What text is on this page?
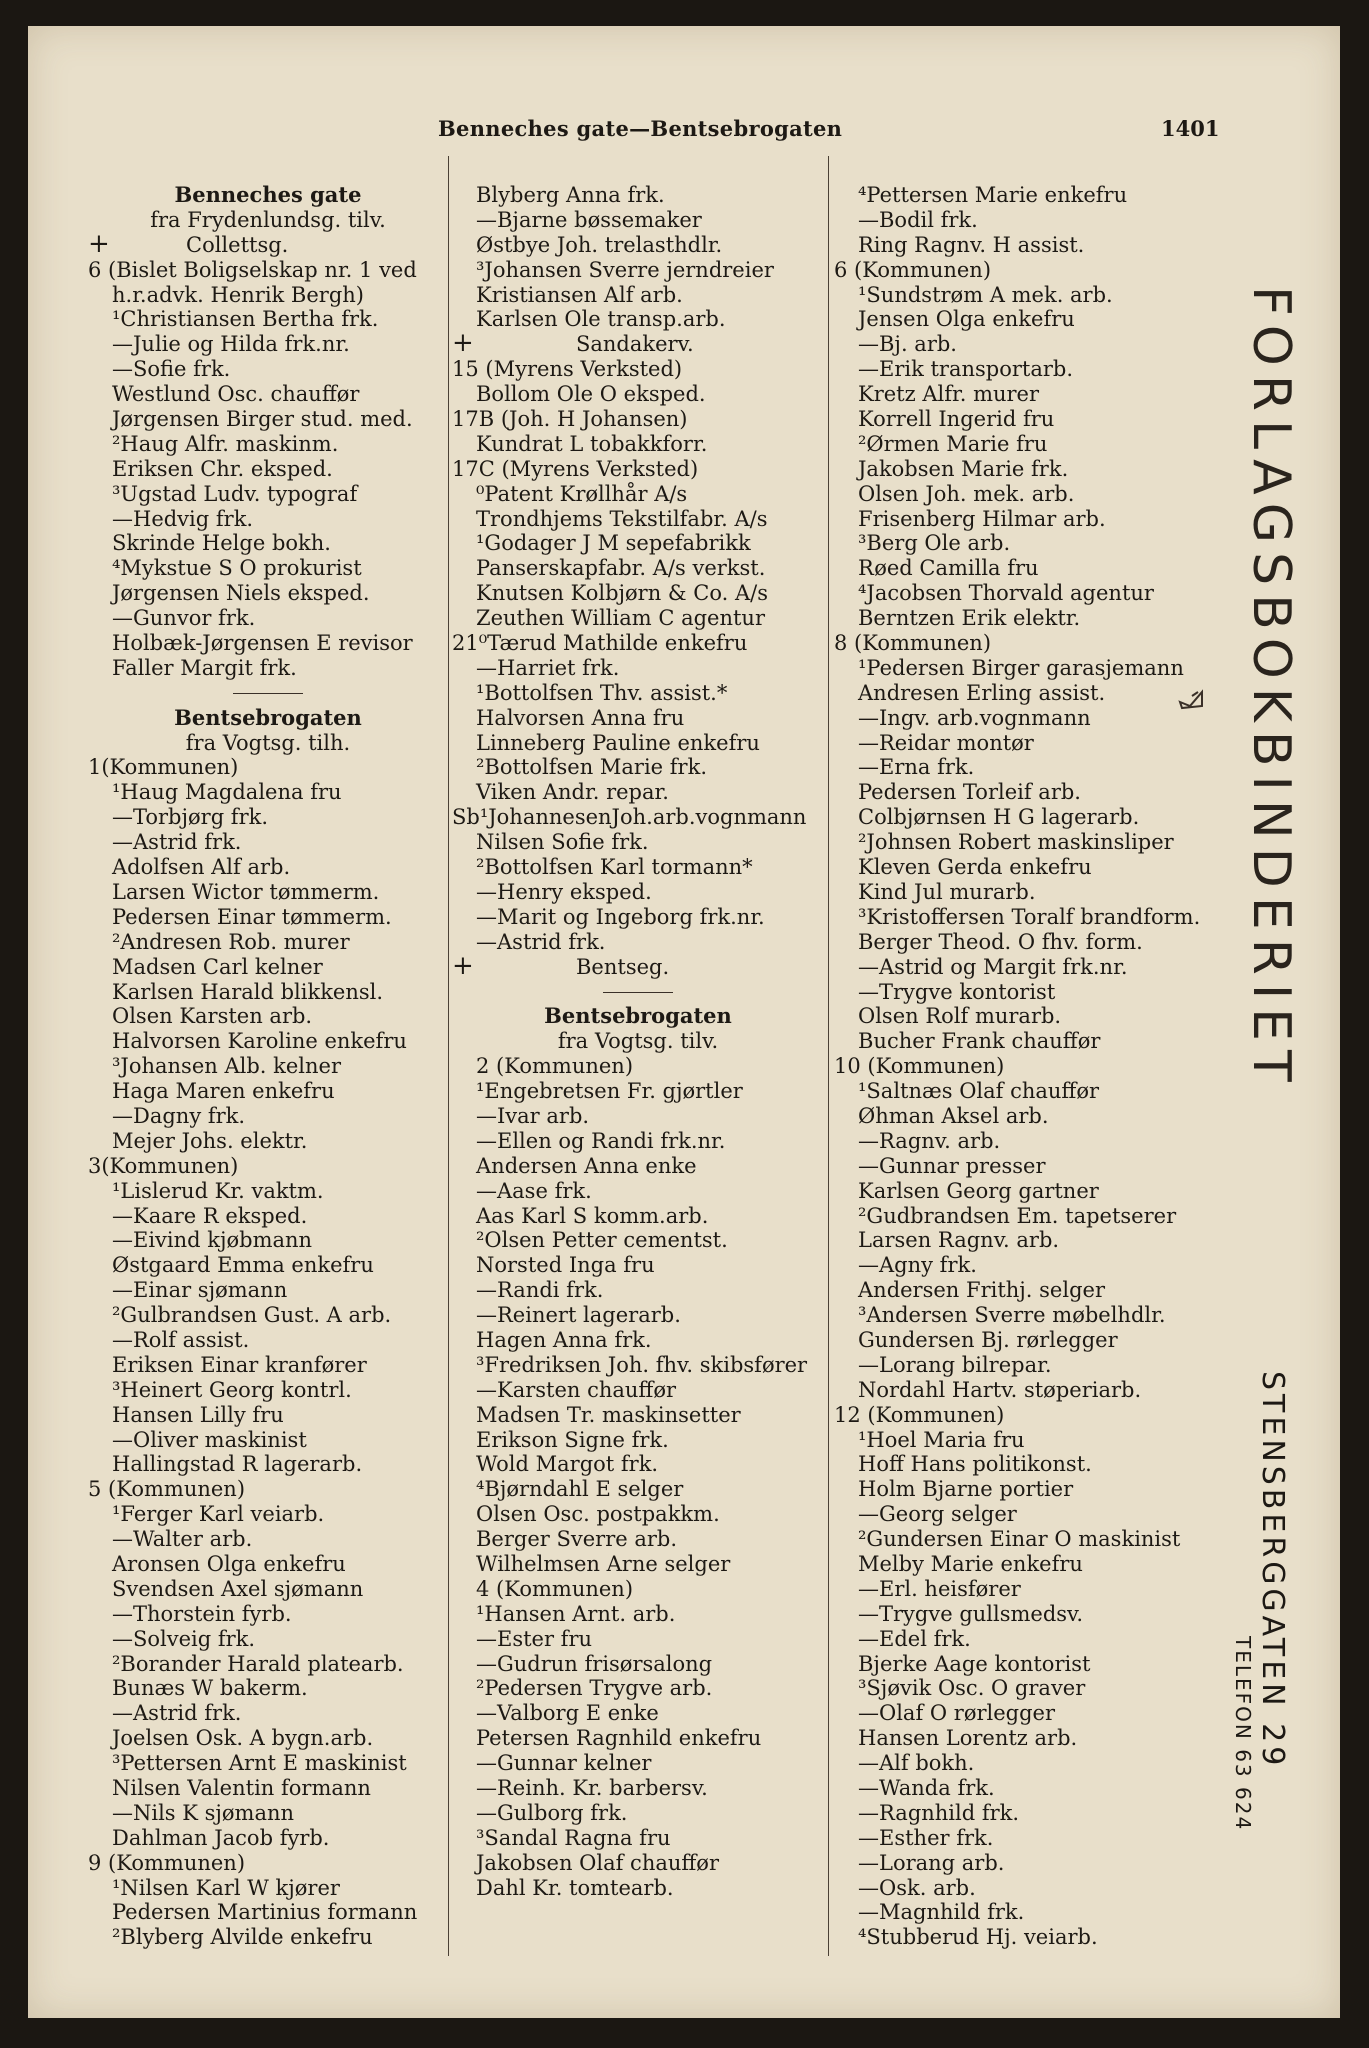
Benneches gate—Bentsebrogaten	1401
Benneches gate
fra Frydenlundsg. tilv.
+	Collettsg.
6 (Bislet Boligselskap nr. 1 ved
h.r.advk. Henrik Bergh)
¹Christiansen Bertha frk.
—Julie og Hilda frk.nr.
—Sofie frk.
Westlund Osc. chauffør
Jørgensen Birger stud. med.
²Haug Alfr. maskinm.
Eriksen Chr. eksped.
³Ugstad Ludv. typograf
—Hedvig frk.
Skrinde Helge bokh.
⁴Mykstue S O prokurist
Jørgensen Niels eksped.
—Gunvor frk.
Holbæk-Jørgensen E revisor
Faller Margit frk.
Bentsebrogaten
fra Vogtsg. tilh.
1(Kommunen)
¹Haug Magdalena fru
—Torbjørg frk.
—Astrid frk.
Adolfsen Alf arb.
Larsen Wictor tømmerm.
Pedersen Einar tømmerm.
²Andresen Rob. murer
Madsen Carl kelner
Karlsen Harald blikkensl.
Olsen Karsten arb.
Halvorsen Karoline enkefru
³Johansen Alb. kelner
Haga Maren enkefru
—Dagny frk.
Mejer Johs. elektr.
3(Kommunen)
¹Lislerud Kr. vaktm.
—Kaare R eksped.
—Eivind kjøbmann
Østgaard Emma enkefru
—Einar sjømann
²Gulbrandsen Gust. A arb.
—Rolf assist.
Eriksen Einar kranfører
³Heinert Georg kontrl.
Hansen Lilly fru
—Oliver maskinist
Hallingstad R lagerarb.
5 (Kommunen)
¹Ferger Karl veiarb.
—Walter arb.
Aronsen Olga enkefru
Svendsen Axel sjømann
—Thorstein fyrb.
—Solveig frk.
²Borander Harald platearb.
Bunæs W bakerm.
—Astrid frk.
Joelsen Osk. A bygn.arb.
³Pettersen Arnt E maskinist
Nilsen Valentin formann
—Nils K sjømann
Dahlman Jacob fyrb.
9 (Kommunen)
¹Nilsen Karl W kjører
Pedersen Martinius formann
²Blyberg Alvilde enkefru
Blyberg Anna frk.
—Bjarne bøssemaker
Østbye Joh. trelasthdlr.
³Johansen Sverre jerndreier
Kristiansen Alf arb.
Karlsen Ole transp.arb.
+	Sandakerv.
15 (Myrens Verksted)
Bollom Ole O eksped.
17B (Joh. H Johansen)
Kundrat L tobakkforr.
17C (Myrens Verksted)
⁰Patent Krøllhår A/s
Trondhjems Tekstilfabr. A/s
¹Godager J M sepefabrikk
Panserskapfabr. A/s verkst.
Knutsen Kolbjørn & Co. A/s
Zeuthen William C agentur
21⁰Tærud Mathilde enkefru
—Harriet frk.
¹Bottolfsen Thv. assist.*
Halvorsen Anna fru
Linneberg Pauline enkefru
²Bottolfsen Marie frk.
Viken Andr. repar.
Sb¹JohannesenJoh.arb.vognmann
Nilsen Sofie frk.
²Bottolfsen Karl tormann*
—Henry eksped.
—Marit og Ingeborg frk.nr.
—Astrid frk.
+	Bentseg.
Bentsebrogaten
fra Vogtsg. tilv.
2 (Kommunen)
¹Engebretsen Fr. gjørtler
—Ivar arb.
—Ellen og Randi frk.nr.
Andersen Anna enke
—Aase frk.
Aas Karl S komm.arb.
²Olsen Petter cementst.
Norsted Inga fru
—Randi frk.
—Reinert lagerarb.
Hagen Anna frk.
³Fredriksen Joh. fhv. skibsfører
—Karsten chauffør
Madsen Tr. maskinsetter
Erikson Signe frk.
Wold Margot frk.
⁴Bjørndahl E selger
Olsen Osc. postpakkm.
Berger Sverre arb.
Wilhelmsen Arne selger
4 (Kommunen)
¹Hansen Arnt. arb.
—Ester fru
—Gudrun frisørsalong
²Pedersen Trygve arb.
—Valborg E enke
Petersen Ragnhild enkefru
—Gunnar kelner
—Reinh. Kr. barbersv.
—Gulborg frk.
³Sandal Ragna fru
Jakobsen Olaf chauffør
Dahl Kr. tomtearb.
⁴Pettersen Marie enkefru
—Bodil frk.
Ring Ragnv. H assist.
6 (Kommunen)
¹Sundstrøm A mek. arb.
Jensen Olga enkefru
—Bj. arb.
—Erik transportarb.
Kretz Alfr. murer
Korrell Ingerid fru
²Ørmen Marie fru
Jakobsen Marie frk.
Olsen Joh. mek. arb.
Frisenberg Hilmar arb.
³Berg Ole arb.
Røed Camilla fru
⁴Jacobsen Thorvald agentur
Berntzen Erik elektr.
8 (Kommunen)
¹Pedersen Birger garasjemann
Andresen Erling assist.
—Ingv. arb.vognmann
—Reidar montør
—Erna frk.
Pedersen Torleif arb.
Colbjørnsen H G lagerarb.
²Johnsen Robert maskinsliper
Kleven Gerda enkefru
Kind Jul murarb.
³Kristoffersen Toralf brandform.
Berger Theod. O fhv. form.
—Astrid og Margit frk.nr.
—Trygve kontorist
Olsen Rolf murarb.
Bucher Frank chauffør
10 (Kommunen)
¹Saltnæs Olaf chauffør
Øhman Aksel arb.
—Ragnv. arb.
—Gunnar presser
Karlsen Georg gartner
²Gudbrandsen Em. tapetserer
Larsen Ragnv. arb.
—Agny frk.
Andersen Frithj. selger
³Andersen Sverre møbelhdlr.
Gundersen Bj. rørlegger
—Lorang bilrepar.
Nordahl Hartv. støperiarb.
12 (Kommunen)
¹Hoel Maria fru
Hoff Hans politikonst.
Holm Bjarne portier
—Georg selger
²Gundersen Einar O maskinist
Melby Marie enkefru
—Erl. heisfører
—Trygve gullsmedsv.
—Edel frk.
Bjerke Aage kontorist
³Sjøvik Osc. O graver
—Olaf O rørlegger
Hansen Lorentz arb.
—Alf bokh.
—Wanda frk.
—Ragnhild frk.
—Esther frk.
—Lorang arb.
—Osk. arb.
—Magnhild frk.
⁴Stubberud Hj. veiarb.
FORLAGSBOKBINDERIET
STENSBERGGATEN 29
TELEFON 63 624
